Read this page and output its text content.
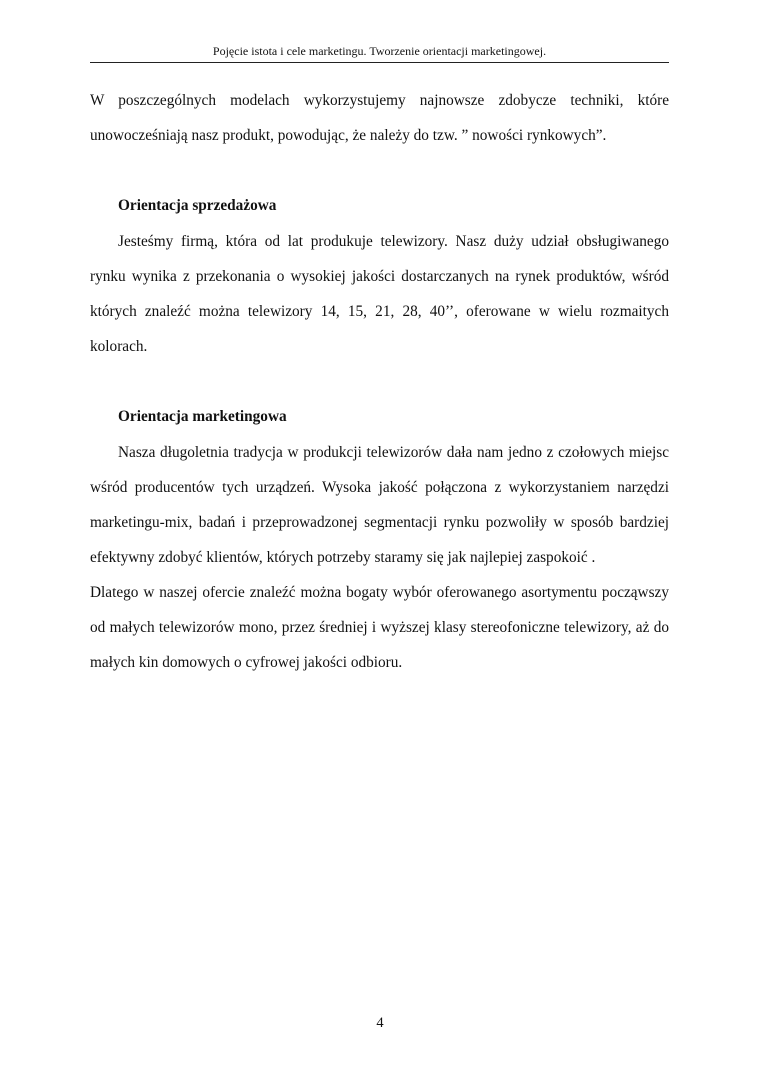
Pojęcie istota i cele marketingu. Tworzenie orientacji marketingowej.
W poszczególnych modelach wykorzystujemy najnowsze zdobycze techniki, które
unowocześniają nasz produkt, powodując, że należy do tzw. ” nowości rynkowych”.
Orientacja sprzedażowa
Jesteśmy firmą, która od lat produkuje telewizory. Nasz duży udział obsługiwanego
rynku wynika z przekonania o wysokiej jakości dostarczanych na rynek produktów, wśród
których znaleźć można telewizory 14, 15, 21, 28, 40’’, oferowane w wielu rozmaitych
kolorach.
Orientacja marketingowa
Nasza długoletnia tradycja w produkcji telewizorów dała nam jedno z czołowych miejsc
wśród producentów tych urządzeń. Wysoka jakość połączona z wykorzystaniem narzędzi
marketingu-mix, badań i przeprowadzonej segmentacji rynku pozwoliły w sposób bardziej
efektywny zdobyć klientów, których potrzeby staramy się jak najlepiej zaspokoić .
Dlatego w naszej ofercie znaleźć można bogaty wybór oferowanego asortymentu począwszy
od małych telewizorów mono, przez średniej i wyższej klasy stereofoniczne telewizory, aż do
małych kin domowych o cyfrowej jakości odbioru.
4
